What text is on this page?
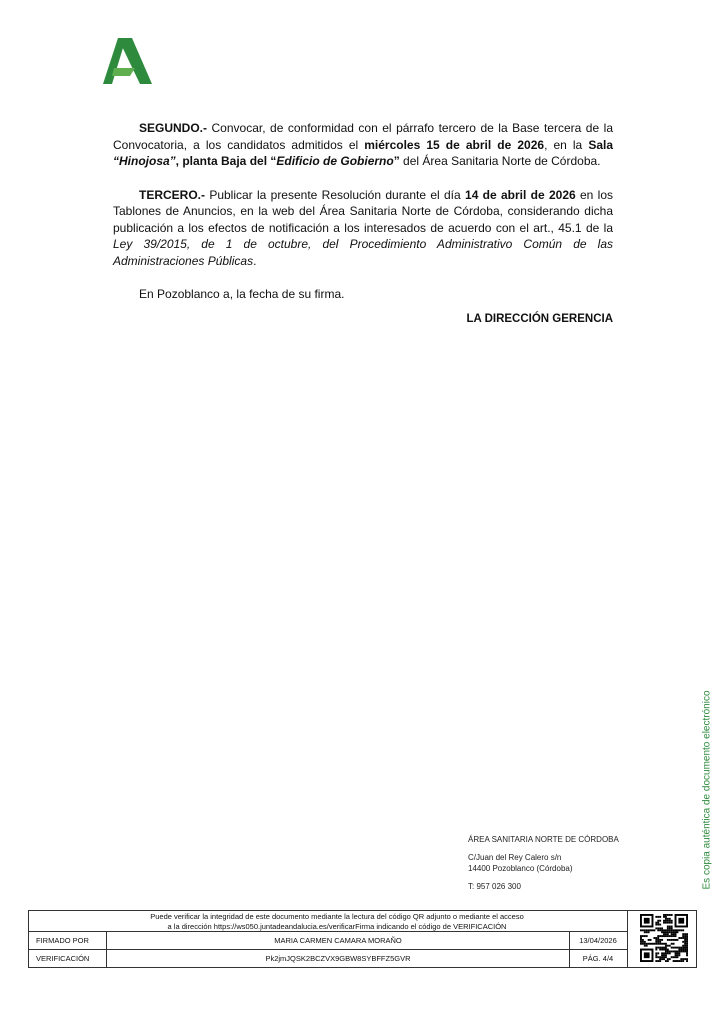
SEGUNDO.- Convocar, de conformidad con el párrafo tercero de la Base tercera de la Convocatoria, a los candidatos admitidos el miércoles 15 de abril de 2026, en la Sala “Hinojosa”, planta Baja del “Edificio de Gobierno” del Área Sanitaria Norte de Córdoba.

TERCERO.- Publicar la presente Resolución durante el día 14 de abril de 2026 en los Tablones de Anuncios, en la web del Área Sanitaria Norte de Córdoba, considerando dicha publicación a los efectos de notificación a los interesados de acuerdo con el art., 45.1 de la Ley 39/2015, de 1 de octubre, del Procedimiento Administrativo Común de las Administraciones Públicas.

En Pozoblanco a, la fecha de su firma.

LA DIRECCIÓN GERENCIA
Es copia auténtica de documento electrónico
ÁREA SANITARIA NORTE DE CÓRDOBA
C/Juan del Rey Calero s/n
14400 Pozoblanco (Córdoba)
T: 957 026 300
Puede verificar la integridad de este documento mediante la lectura del código QR adjunto o mediante el acceso
a la dirección https://ws050.juntadeandalucia.es/verificarFirma indicando el código de VERIFICACIÓN
FIRMADO POR	MARIA CARMEN CAMARA MORAÑO	13/04/2026
VERIFICACIÓN	Pk2jmJQSK2BCZVX9GBW8SYBFFZ5GVR	PÁG. 4/4
